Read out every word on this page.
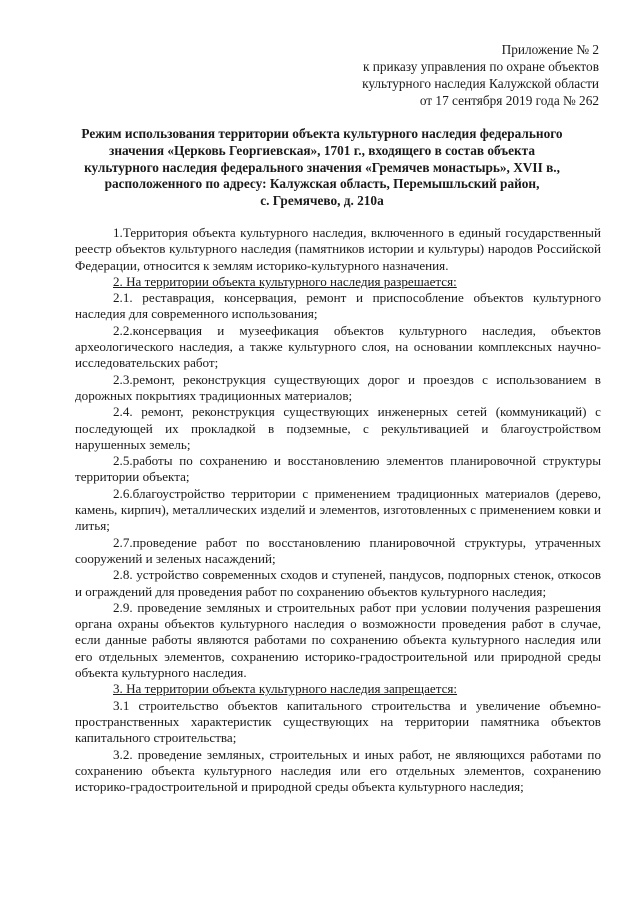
Приложение № 2
к приказу управления по охране объектов
культурного наследия Калужской области
от 17 сентября 2019 года № 262
Режим использования территории объекта культурного наследия федерального
значения «Церковь Георгиевская», 1701 г., входящего в состав объекта
культурного наследия федерального значения «Гремячев монастырь», XVII в.,
расположенного по адресу: Калужская область, Перемышльский район,
с. Гремячево, д. 210а

1.Территория объекта культурного наследия, включенного в единый государственный реестр объектов культурного наследия (памятников истории и культуры) народов Российской Федерации, относится к землям историко-культурного назначения.

2. На территории объекта культурного наследия разрешается:

2.1. реставрация, консервация, ремонт и приспособление объектов культурного наследия для современного использования;

2.2.консервация и музеефикация объектов культурного наследия, объектов археологического наследия, а также культурного слоя, на основании комплексных научно-исследовательских работ;

2.3.ремонт, реконструкция существующих дорог и проездов с использованием в дорожных покрытиях традиционных материалов;

2.4. ремонт, реконструкция существующих инженерных сетей (коммуникаций) с последующей их прокладкой в подземные, с рекультивацией и благоустройством нарушенных земель;

2.5.работы по сохранению и восстановлению элементов планировочной структуры территории объекта;

2.6.благоустройство территории с применением традиционных материалов (дерево, камень, кирпич), металлических изделий и элементов, изготовленных с применением ковки и литья;

2.7.проведение работ по восстановлению планировочной структуры, утраченных сооружений и зеленых насаждений;

2.8. устройство современных сходов и ступеней, пандусов, подпорных стенок, откосов и ограждений для проведения работ по сохранению объектов культурного наследия;

2.9. проведение земляных и строительных работ при условии получения разрешения органа охраны объектов культурного наследия о возможности проведения работ в случае, если данные работы являются работами по сохранению объекта культурного наследия или его отдельных элементов, сохранению историко-градостроительной или природной среды объекта культурного наследия.

3. На территории объекта культурного наследия запрещается:

3.1 строительство объектов капитального строительства и увеличение объемно-пространственных характеристик существующих на территории памятника объектов капитального строительства;

3.2. проведение земляных, строительных и иных работ, не являющихся работами по сохранению объекта культурного наследия или его отдельных элементов, сохранению историко-градостроительной и природной среды объекта культурного наследия;
